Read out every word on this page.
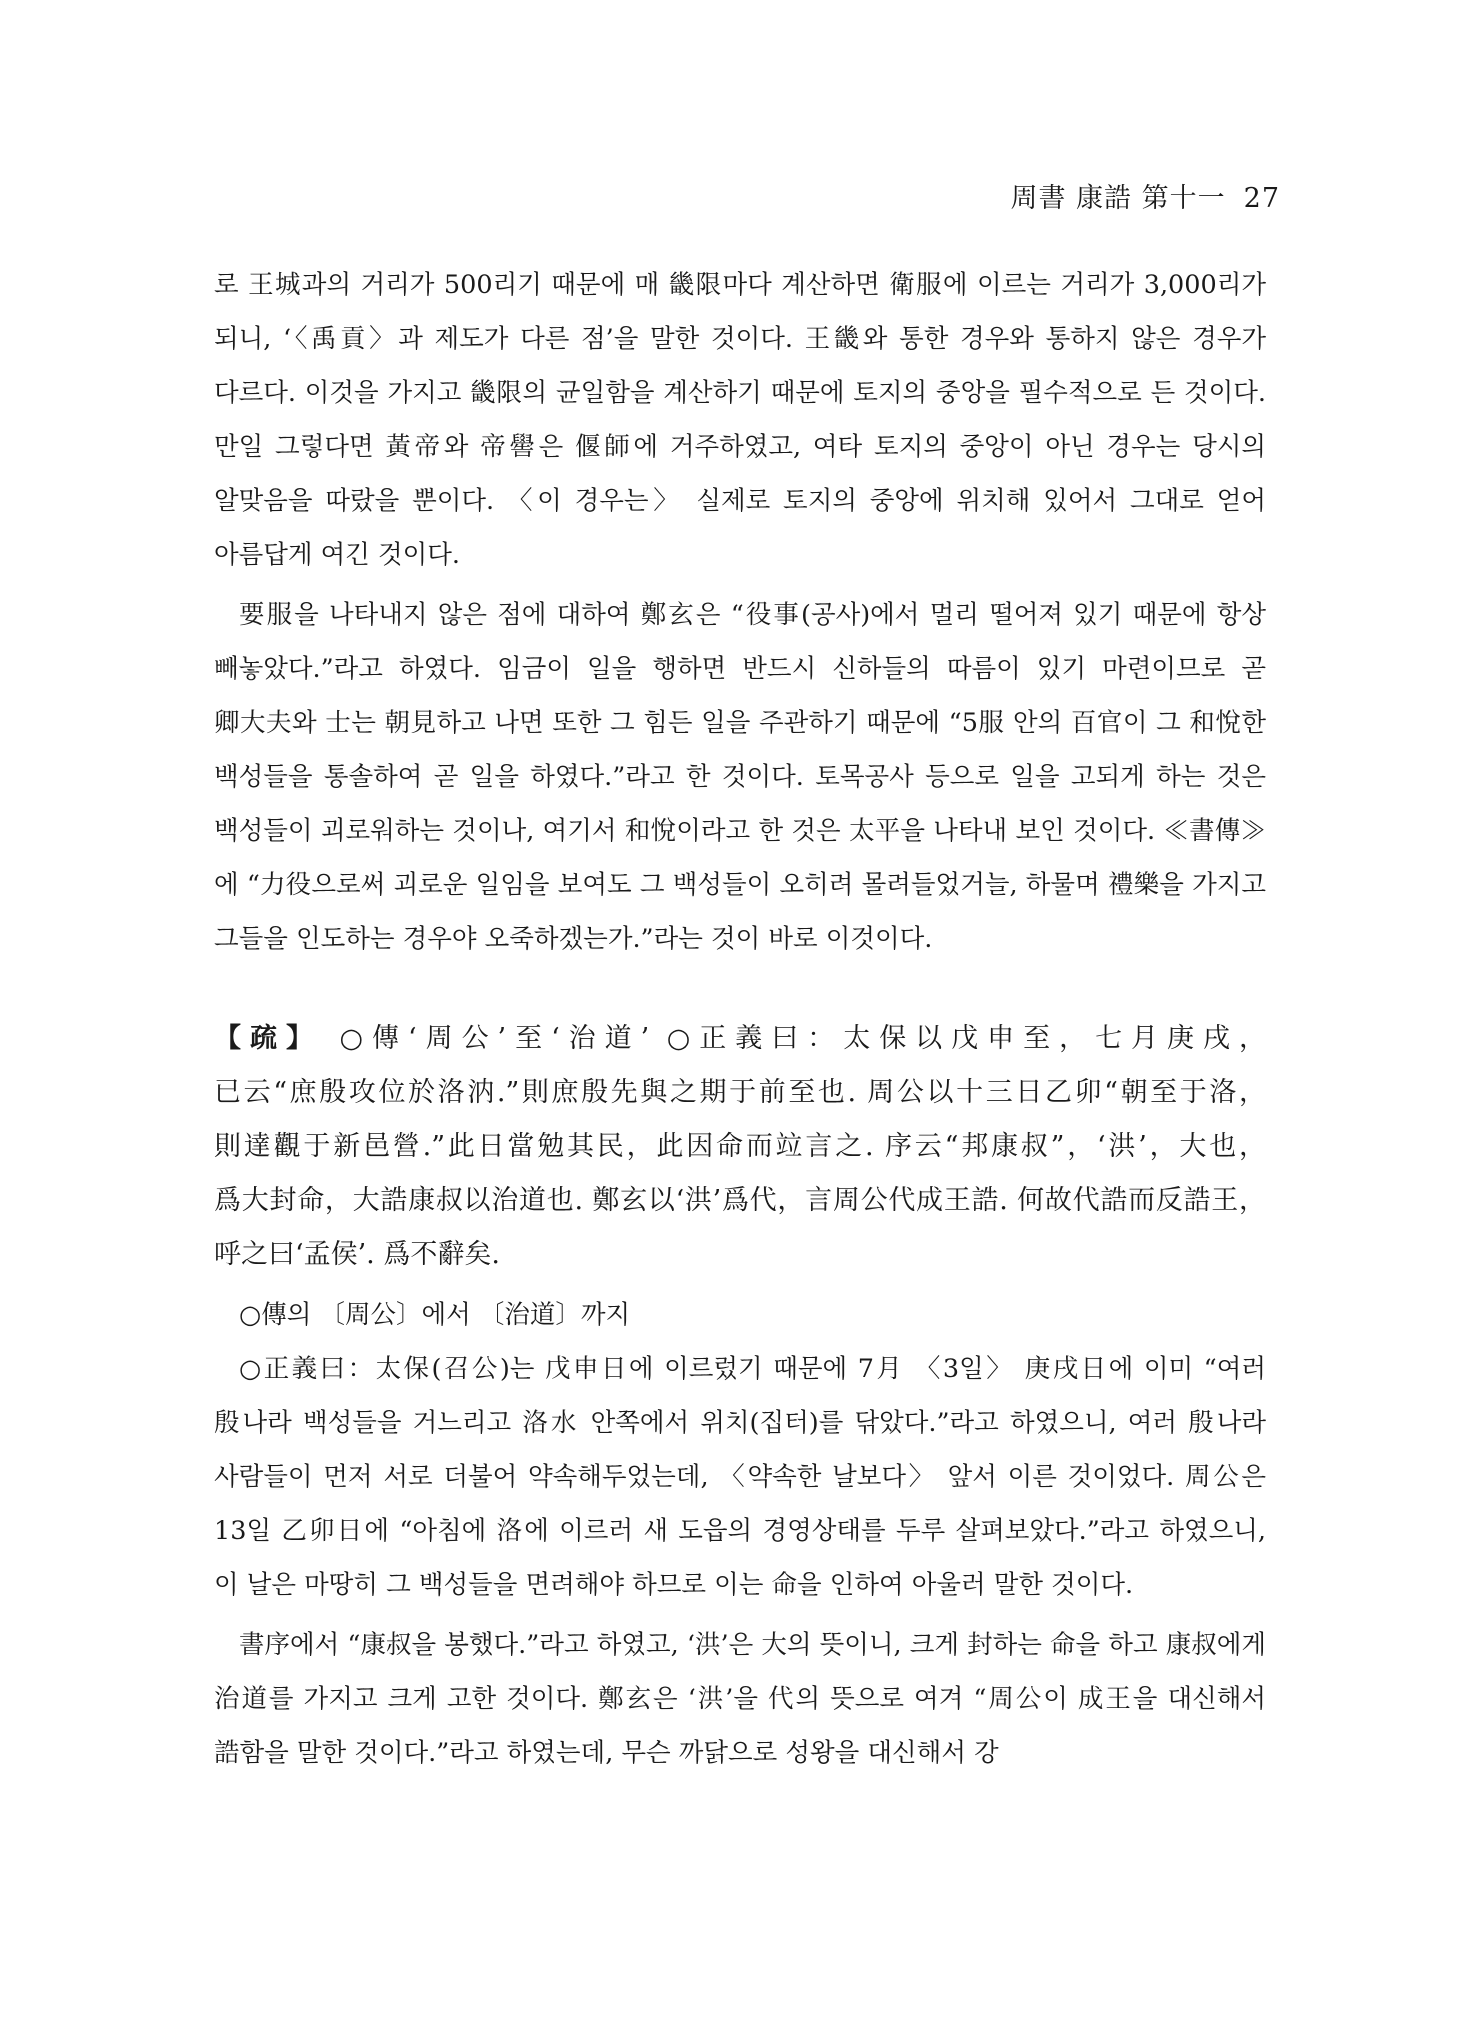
周書 康誥 第十一 27

로 王城과의 거리가 500리기 때문에 매 畿限마다 계산하면 衛服에 이르는 거리가 3,000리가 되니, ‘〈禹貢〉과 제도가 다른 점’을 말한 것이다. 王畿와 통한 경우와 통하지 않은 경우가 다르다. 이것을 가지고 畿限의 균일함을 계산하기 때문에 토지의 중앙을 필수적으로 든 것이다. 만일 그렇다면 黃帝와 帝嚳은 偃師에 거주하였고, 여타 토지의 중앙이 아닌 경우는 당시의 알맞음을 따랐을 뿐이다. 〈이 경우는〉 실제로 토지의 중앙에 위치해 있어서 그대로 얻어 아름답게 여긴 것이다.

要服을 나타내지 않은 점에 대하여 鄭玄은 “役事(공사)에서 멀리 떨어져 있기 때문에 항상 빼놓았다.”라고 하였다. 임금이 일을 행하면 반드시 신하들의 따름이 있기 마련이므로 곧 卿大夫와 士는 朝見하고 나면 또한 그 힘든 일을 주관하기 때문에 “5服 안의 百官이 그 和悅한 백성들을 통솔하여 곧 일을 하였다.”라고 한 것이다. 토목공사 등으로 일을 고되게 하는 것은 백성들이 괴로워하는 것이나, 여기서 和悅이라고 한 것은 太平을 나타내 보인 것이다. ≪書傳≫에 “力役으로써 괴로운 일임을 보여도 그 백성들이 오히려 몰려들었거늘, 하물며 禮樂을 가지고 그들을 인도하는 경우야 오죽하겠는가.”라는 것이 바로 이것이다.

【疏】 ○傳‘周公’至‘治道’ ○正義曰：太保以戊申至，七月庚戌，已云“庶殷攻位於洛汭.”則庶殷先與之期于前至也. 周公以十三日乙卯“朝至于洛，則達觀于新邑營.”此日當勉其民，此因命而竝言之. 序云“邦康叔”，‘洪’，大也，爲大封命，大誥康叔以治道也. 鄭玄以‘洪’爲代，言周公代成王誥. 何故代誥而反誥王，呼之曰‘孟侯’. 爲不辭矣.

○傳의 〔周公〕에서 〔治道〕까지

○正義曰：太保(召公)는 戊申日에 이르렀기 때문에 7月 〈3일〉 庚戌日에 이미 “여러 殷나라 백성들을 거느리고 洛水 안쪽에서 위치(집터)를 닦았다.”라고 하였으니, 여러 殷나라 사람들이 먼저 서로 더불어 약속해두었는데, 〈약속한 날보다〉 앞서 이른 것이었다. 周公은 13일 乙卯日에 “아침에 洛에 이르러 새 도읍의 경영상태를 두루 살펴보았다.”라고 하였으니, 이 날은 마땅히 그 백성들을 면려해야 하므로 이는 命을 인하여 아울러 말한 것이다.

書序에서 “康叔을 봉했다.”라고 하였고, ‘洪’은 大의 뜻이니, 크게 封하는 命을 하고 康叔에게 治道를 가지고 크게 고한 것이다. 鄭玄은 ‘洪’을 代의 뜻으로 여겨 “周公이 成王을 대신해서 誥함을 말한 것이다.”라고 하였는데, 무슨 까닭으로 성왕을 대신해서 강
